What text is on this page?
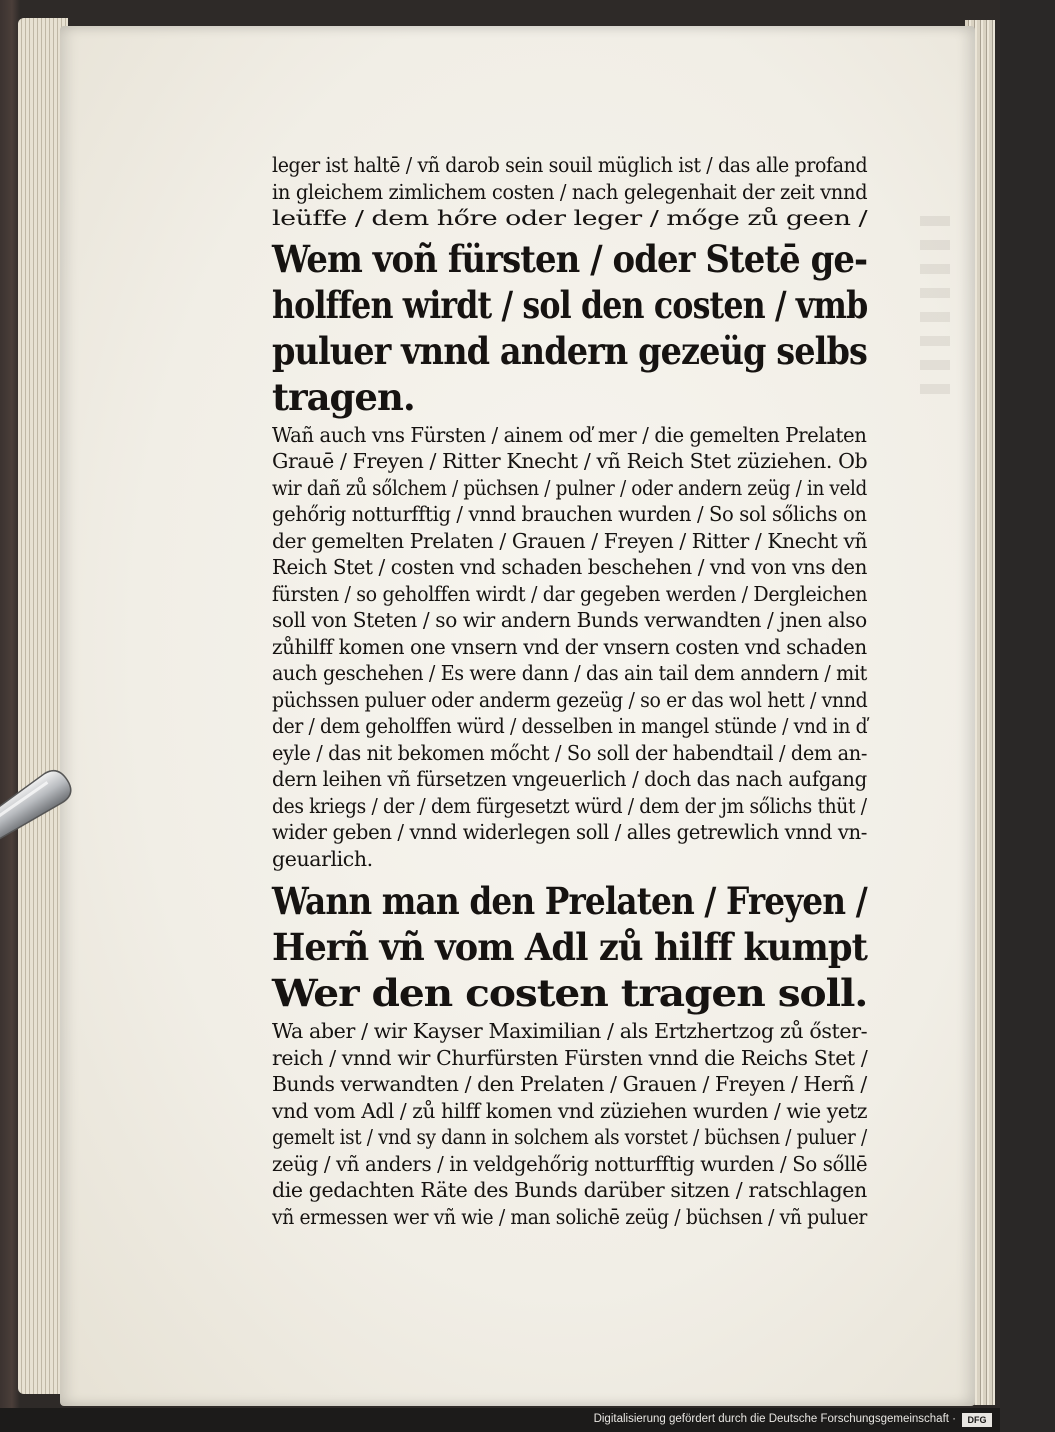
leger ist haltē / vñ darob sein souil müglich ist / das alle profand
in gleichem zimlichem costen / nach gelegenhait der zeit vnnd
leüffe / dem hőre oder leger / mőge zů geen /
Wem voñ fürsten / oder Stetē ge-
holffen wirdt / sol den costen / vmb
puluer vnnd andern gezeüg selbs
tragen.
Wañ auch vns Fürsten / ainem oď mer / die gemelten Prelaten
Grauē / Freyen / Ritter Knecht / vñ Reich Stet züziehen. Ob
wir dañ zů sőlchem / püchsen / pulner / oder andern zeüg / in veld
gehőrig notturfftig / vnnd brauchen wurden / So sol sőlichs on
der gemelten Prelaten / Grauen / Freyen / Ritter / Knecht vñ
Reich Stet / costen vnd schaden beschehen / vnd von vns den
fürsten / so geholffen wirdt / dar gegeben werden / Dergleichen
soll von Steten / so wir andern Bunds verwandten / jnen also
zůhilff komen one vnsern vnd der vnsern costen vnd schaden
auch geschehen / Es were dann / das ain tail dem anndern / mit
püchssen puluer oder anderm gezeüg / so er das wol hett / vnnd
der / dem geholffen würd / desselben in mangel stünde / vnd in ď
eyle / das nit bekomen mőcht / So soll der habendtail / dem an-
dern leihen vñ fürsetzen vngeuerlich / doch das nach aufgang
des kriegs / der / dem fürgesetzt würd / dem der jm sőlichs thüt /
wider geben / vnnd widerlegen soll / alles getrewlich vnnd vn-
geuarlich.
Wann man den Prelaten / Freyen /
Herñ vñ vom Adl zů hilff kumpt
Wer den costen tragen soll.
Wa aber / wir Kayser Maximilian / als Ertzhertzog zů őster-
reich / vnnd wir Churfürsten Fürsten vnnd die Reichs Stet /
Bunds verwandten / den Prelaten / Grauen / Freyen / Herñ /
vnd vom Adl / zů hilff komen vnd züziehen wurden / wie yetz
gemelt ist / vnd sy dann in solchem als vorstet / büchsen / puluer /
zeüg / vñ anders / in veldgehőrig notturfftig wurden / So sőllē
die gedachten Räte des Bunds darüber sitzen / ratschlagen
vñ ermessen wer vñ wie / man solichē zeüg / büchsen / vñ puluer
Digitalisierung gefördert durch die Deutsche Forschungsgemeinschaft ·	DFG
